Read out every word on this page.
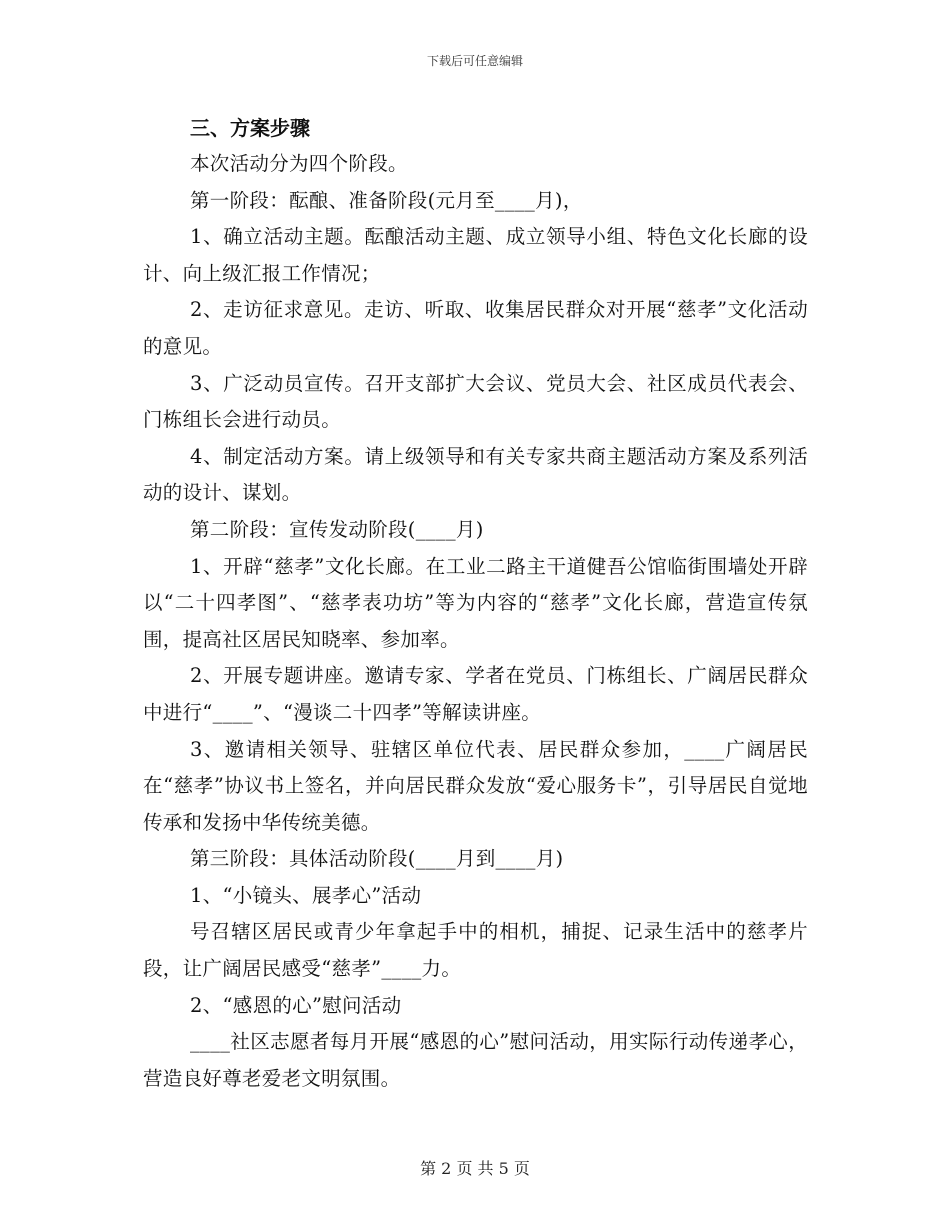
下载后可任意编辑

三、方案步骤

本次活动分为四个阶段。

第一阶段：酝酿、准备阶段(元月至____月)，

1、确立活动主题。酝酿活动主题、成立领导小组、特色文化长廊的设计、向上级汇报工作情况；

2、走访征求意见。走访、听取、收集居民群众对开展“慈孝”文化活动的意见。

3、广泛动员宣传。召开支部扩大会议、党员大会、社区成员代表会、门栋组长会进行动员。

4、制定活动方案。请上级领导和有关专家共商主题活动方案及系列活动的设计、谋划。

第二阶段：宣传发动阶段(____月)

1、开辟“慈孝”文化长廊。在工业二路主干道健吾公馆临街围墙处开辟以“二十四孝图”、“慈孝表功坊”等为内容的“慈孝”文化长廊，营造宣传氛围，提高社区居民知晓率、参加率。

2、开展专题讲座。邀请专家、学者在党员、门栋组长、广阔居民群众中进行“____”、“漫谈二十四孝”等解读讲座。

3、邀请相关领导、驻辖区单位代表、居民群众参加，____广阔居民在“慈孝”协议书上签名，并向居民群众发放“爱心服务卡”，引导居民自觉地传承和发扬中华传统美德。

第三阶段：具体活动阶段(____月到____月)

1、“小镜头、展孝心”活动

号召辖区居民或青少年拿起手中的相机，捕捉、记录生活中的慈孝片段，让广阔居民感受“慈孝”____力。

2、“感恩的心”慰问活动

____社区志愿者每月开展“感恩的心”慰问活动，用实际行动传递孝心，营造良好尊老爱老文明氛围。

第 2 页 共 5 页
